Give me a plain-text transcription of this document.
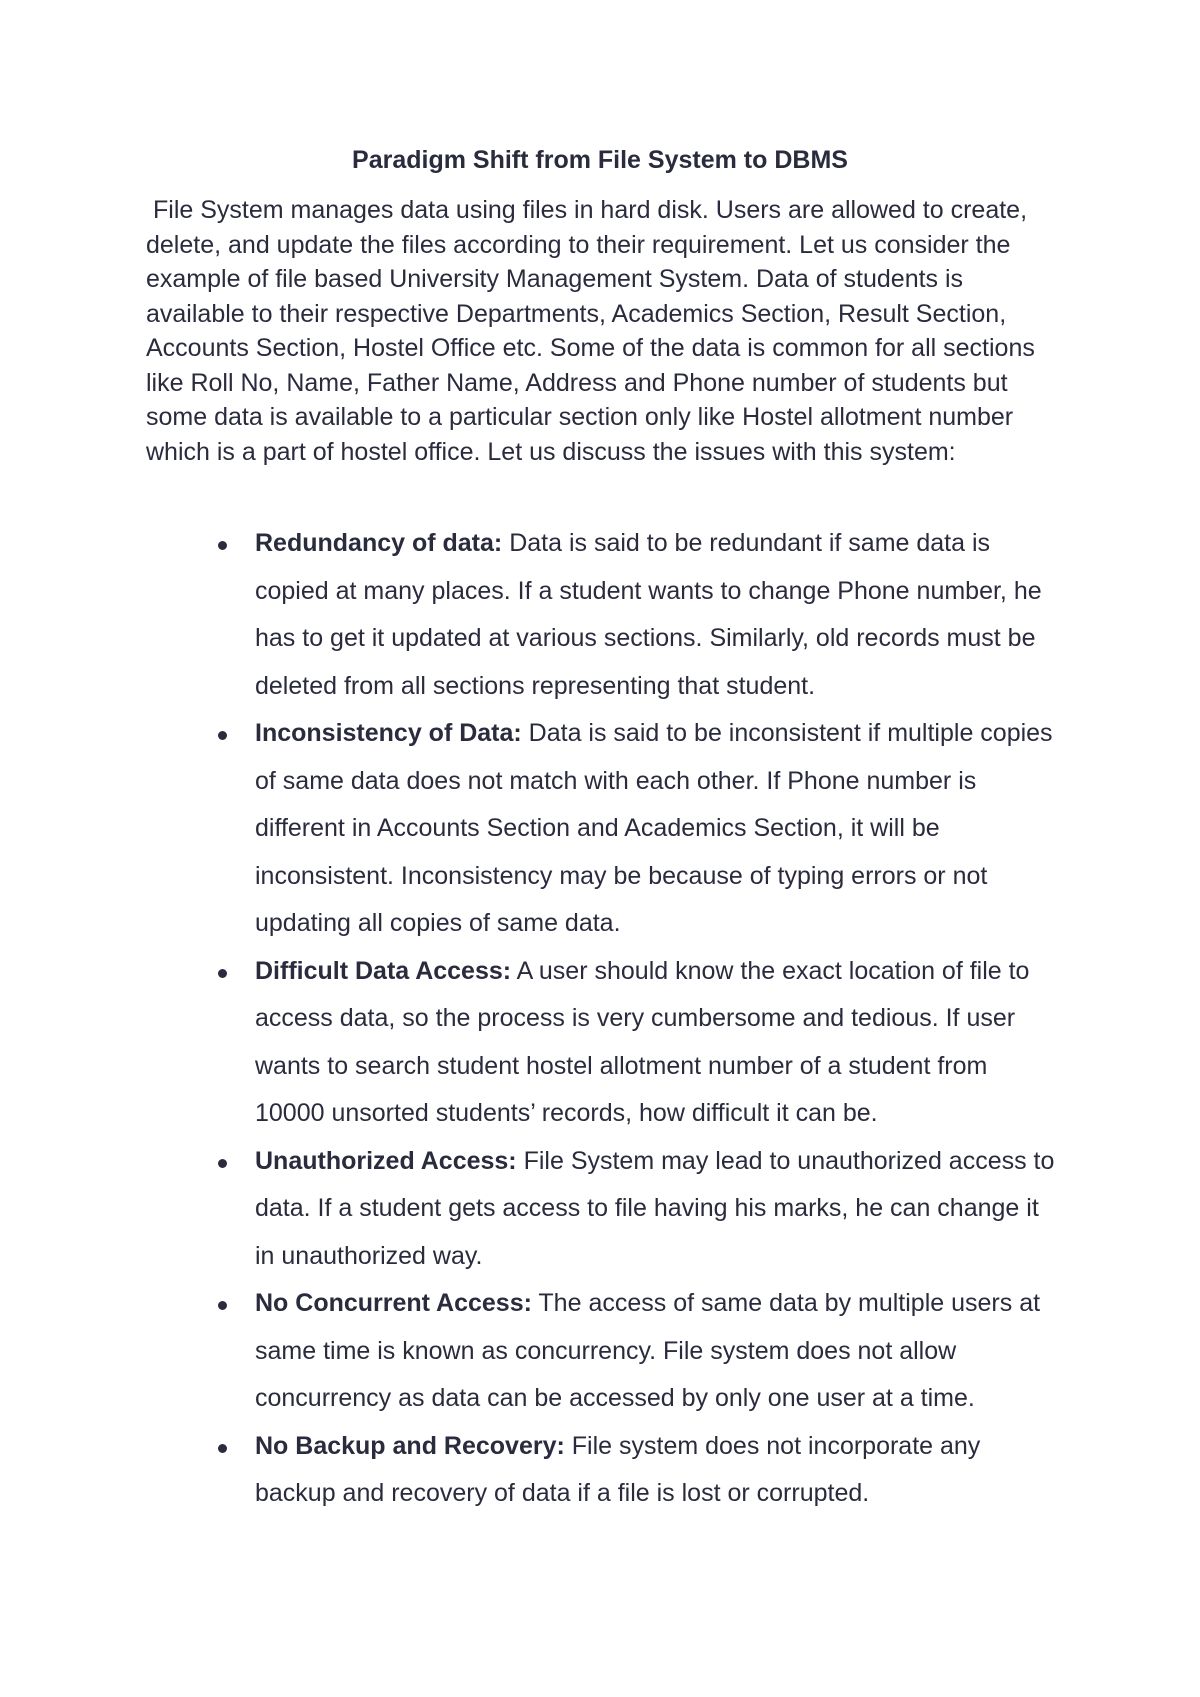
Paradigm Shift from File System to DBMS

File System manages data using files in hard disk. Users are allowed to create, delete, and update the files according to their requirement. Let us consider the example of file based University Management System. Data of students is available to their respective Departments, Academics Section, Result Section, Accounts Section, Hostel Office etc. Some of the data is common for all sections like Roll No, Name, Father Name, Address and Phone number of students but some data is available to a particular section only like Hostel allotment number which is a part of hostel office. Let us discuss the issues with this system:

Redundancy of data: Data is said to be redundant if same data is copied at many places. If a student wants to change Phone number, he has to get it updated at various sections. Similarly, old records must be deleted from all sections representing that student.
Inconsistency of Data: Data is said to be inconsistent if multiple copies of same data does not match with each other. If Phone number is different in Accounts Section and Academics Section, it will be inconsistent. Inconsistency may be because of typing errors or not updating all copies of same data.
Difficult Data Access: A user should know the exact location of file to access data, so the process is very cumbersome and tedious. If user wants to search student hostel allotment number of a student from 10000 unsorted students’ records, how difficult it can be.
Unauthorized Access: File System may lead to unauthorized access to data. If a student gets access to file having his marks, he can change it in unauthorized way.
No Concurrent Access: The access of same data by multiple users at same time is known as concurrency. File system does not allow concurrency as data can be accessed by only one user at a time.
No Backup and Recovery: File system does not incorporate any backup and recovery of data if a file is lost or corrupted.
